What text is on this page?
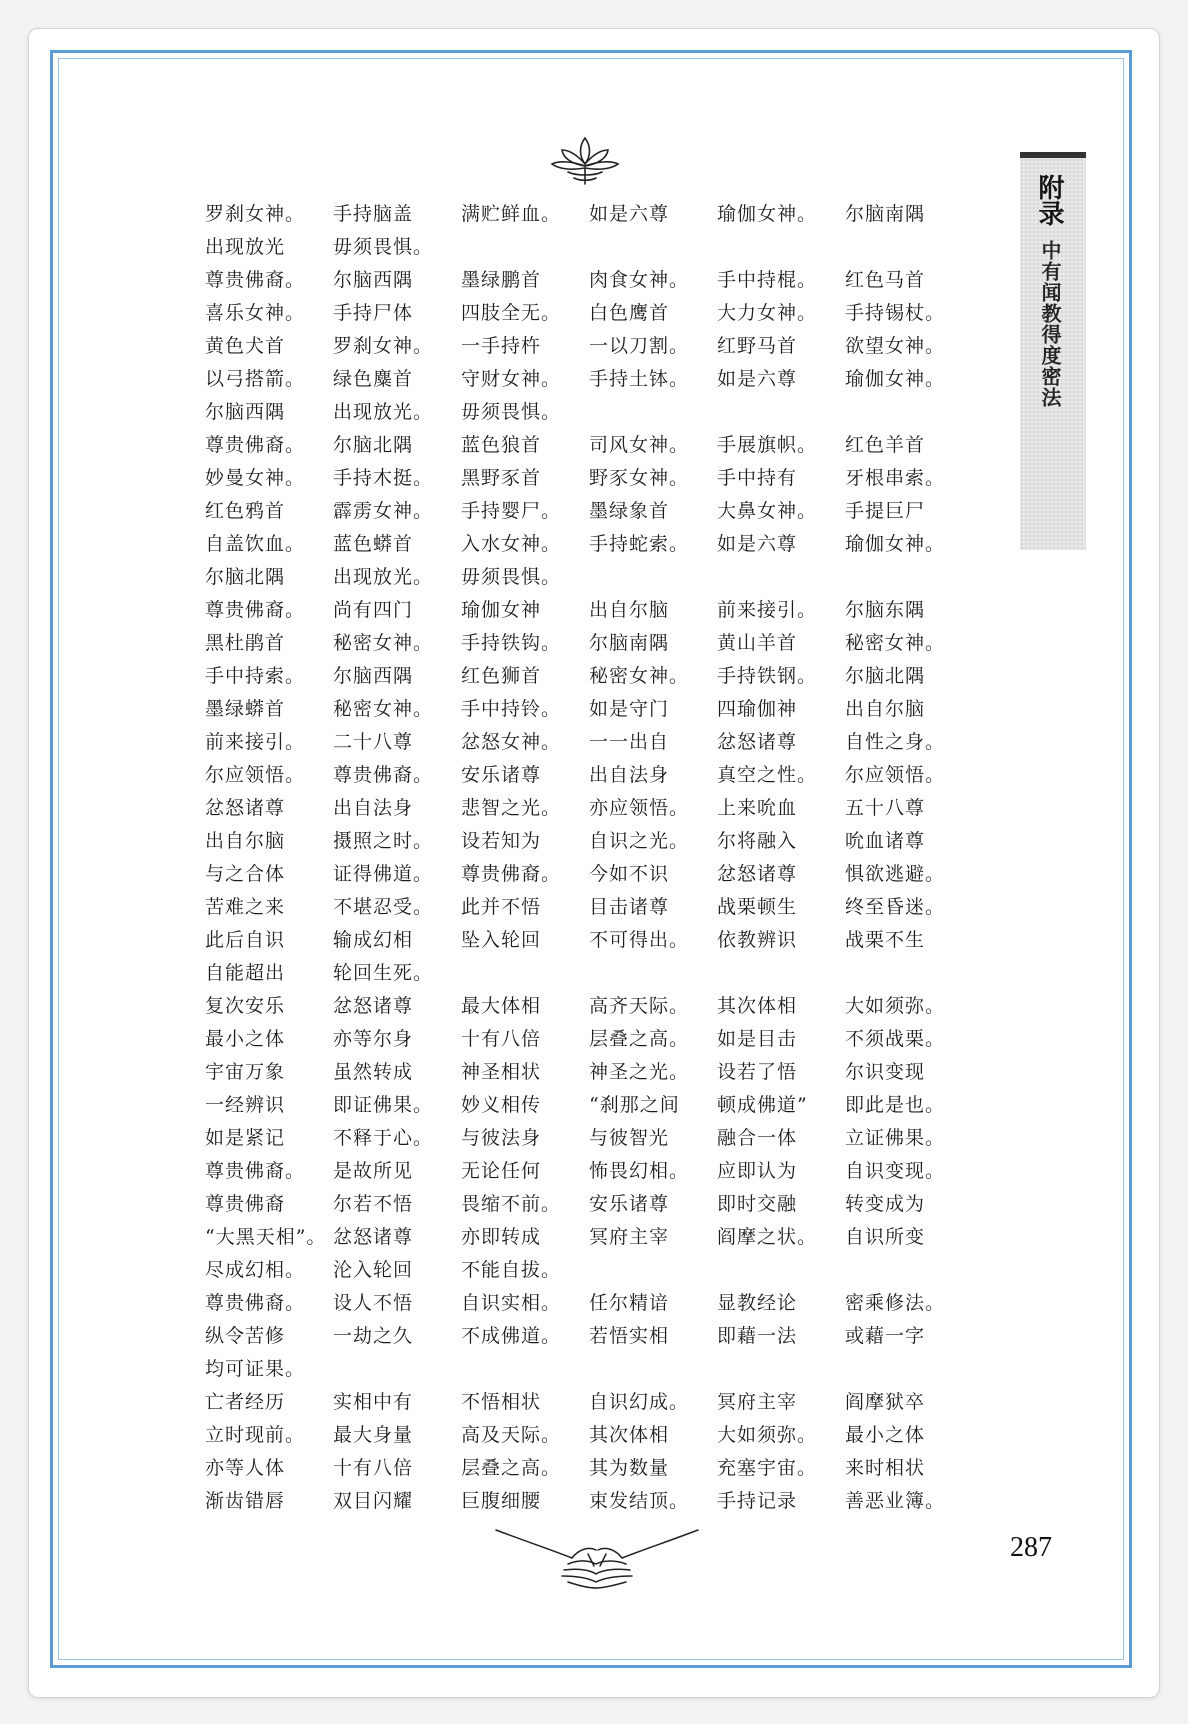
附录
中有闻教得度密法
罗刹女神。 手持脑盖	满贮鲜血。 如是六尊	瑜伽女神。 尔脑南隅
出现放光	毋须畏惧。
尊贵佛裔。 尔脑西隅	墨绿鹏首	肉食女神。 手中持棍。 红色马首
喜乐女神。 手持尸体	四肢全无。 白色鹰首	大力女神。 手持锡杖。
黄色犬首	罗刹女神。 一手持杵	一以刀割。 红野马首	欲望女神。
以弓搭箭。 绿色麋首	守财女神。 手持土钵。 如是六尊	瑜伽女神。
尔脑西隅	出现放光。 毋须畏惧。
尊贵佛裔。 尔脑北隅	蓝色狼首	司风女神。 手展旗帜。 红色羊首
妙曼女神。 手持木挺。 黑野豕首	野豕女神。 手中持有	牙根串索。
红色鸦首	霹雳女神。 手持婴尸。 墨绿象首	大鼻女神。 手提巨尸
自盖饮血。 蓝色蟒首	入水女神。 手持蛇索。 如是六尊	瑜伽女神。
尔脑北隅	出现放光。 毋须畏惧。
尊贵佛裔。 尚有四门	瑜伽女神	出自尔脑	前来接引。 尔脑东隅
黑杜鹃首	秘密女神。 手持铁钩。 尔脑南隅	黄山羊首	秘密女神。
手中持索。 尔脑西隅	红色狮首	秘密女神。 手持铁钢。 尔脑北隅
墨绿蟒首	秘密女神。 手中持铃。 如是守门	四瑜伽神	出自尔脑
前来接引。 二十八尊	忿怒女神。 一一出自	忿怒诸尊	自性之身。
尔应领悟。 尊贵佛裔。 安乐诸尊	出自法身	真空之性。 尔应领悟。
忿怒诸尊	出自法身	悲智之光。 亦应领悟。 上来吮血	五十八尊
出自尔脑	摄照之时。 设若知为	自识之光。 尔将融入	吮血诸尊
与之合体	证得佛道。 尊贵佛裔。 今如不识	忿怒诸尊	惧欲逃避。
苦难之来	不堪忍受。 此并不悟	目击诸尊	战栗顿生	终至昏迷。
此后自识	输成幻相	坠入轮回	不可得出。 依教辨识	战栗不生
自能超出	轮回生死。
复次安乐	忿怒诸尊	最大体相	高齐天际。 其次体相	大如须弥。
最小之体	亦等尔身	十有八倍	层叠之高。 如是目击	不须战栗。
宇宙万象	虽然转成	神圣相状	神圣之光。 设若了悟	尔识变现
一经辨识	即证佛果。 妙义相传	“刹那之间 顿成佛道” 即此是也。
如是紧记	不释于心。 与彼法身	与彼智光	融合一体	立证佛果。
尊贵佛裔。 是故所见	无论任何	怖畏幻相。 应即认为	自识变现。
尊贵佛裔	尔若不悟	畏缩不前。 安乐诸尊	即时交融	转变成为
“大黑天相”。 忿怒诸尊	亦即转成	冥府主宰	阎摩之状。 自识所变
尽成幻相。 沦入轮回	不能自拔。
尊贵佛裔。 设人不悟	自识实相。 任尔精谙	显教经论	密乘修法。
纵令苦修	一劫之久	不成佛道。 若悟实相	即藉一法	或藉一字
均可证果。
亡者经历	实相中有	不悟相状	自识幻成。 冥府主宰	阎摩狱卒
立时现前。 最大身量	高及天际。 其次体相	大如须弥。 最小之体
亦等人体	十有八倍	层叠之高。 其为数量	充塞宇宙。 来时相状
渐齿错唇	双目闪耀	巨腹细腰	束发结顶。 手持记录	善恶业簿。
287
